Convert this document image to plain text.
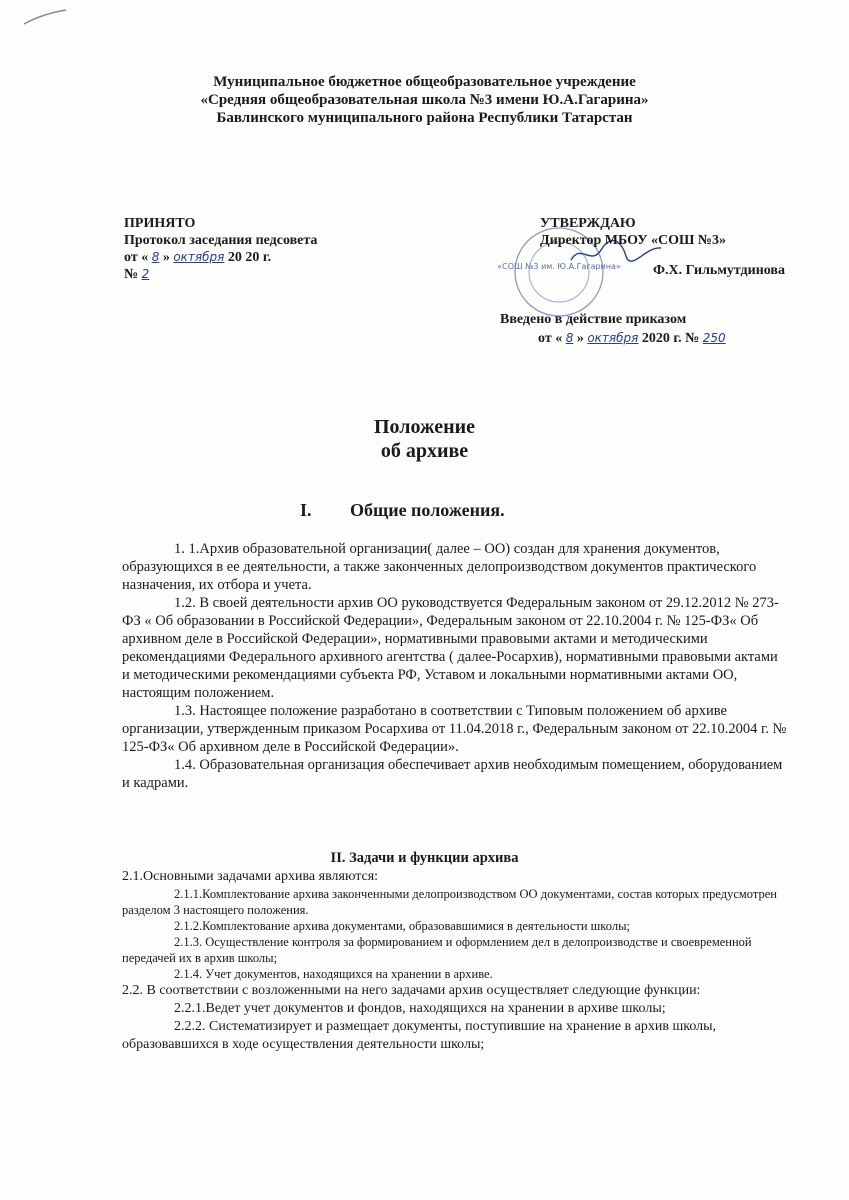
Муниципальное бюджетное общеобразовательное учреждение
«Средняя общеобразовательная школа №3 имени Ю.А.Гагарина»
Бавлинского муниципального района Республики Татарстан
ПРИНЯТО
Протокол заседания педсовета
от « 8 » октября 20 20 г.
№ 2
«СОШ №3 им. Ю.А.Гагарина»
УТВЕРЖДАЮ
Директор МБОУ «СОШ №3»
Ф.Х. Гильмутдинова
Введено в действие приказом
от « 8 » октября 2020 г. № 250
Положение
об архиве
I. Общие положения.

1. 1.Архив образовательной организации( далее – ОО) создан для хранения документов, образующихся в ее деятельности, а также законченных делопроизводством документов практического назначения, их отбора и учета.

1.2. В своей деятельности архив ОО руководствуется Федеральным законом от 29.12.2012 № 273-ФЗ « Об образовании в Российской Федерации», Федеральным законом от 22.10.2004 г. № 125-ФЗ« Об архивном деле в Российской Федерации», нормативными правовыми актами и методическими рекомендациями Федерального архивного агентства ( далее-Росархив), нормативными правовыми актами и методическими рекомендациями субъекта РФ, Уставом и локальными нормативными актами ОО, настоящим положением.

1.3. Настоящее положение разработано в соответствии с Типовым положением об архиве организации, утвержденным приказом Росархива от 11.04.2018 г., Федеральным законом от 22.10.2004 г. № 125-ФЗ« Об архивном деле в Российской Федерации».

1.4. Образовательная организация обеспечивает архив необходимым помещением, оборудованием и кадрами.

II. Задачи и функции архива

2.1.Основными задачами архива являются:

2.1.1.Комплектование архива законченными делопроизводством ОО документами, состав которых предусмотрен разделом 3 настоящего положения.

2.1.2.Комплектование архива документами, образовавшимися в деятельности школы;

2.1.3. Осуществление контроля за формированием и оформлением дел в делопроизводстве и своевременной передачей их в архив школы;

2.1.4. Учет документов, находящихся на хранении в архиве.

2.2. В соответствии с возложенными на него задачами архив осуществляет следующие функции:

2.2.1.Ведет учет документов и фондов, находящихся на хранении в архиве школы;

2.2.2. Систематизирует и размещает документы, поступившие на хранение в архив школы, образовавшихся в ходе осуществления деятельности школы;
